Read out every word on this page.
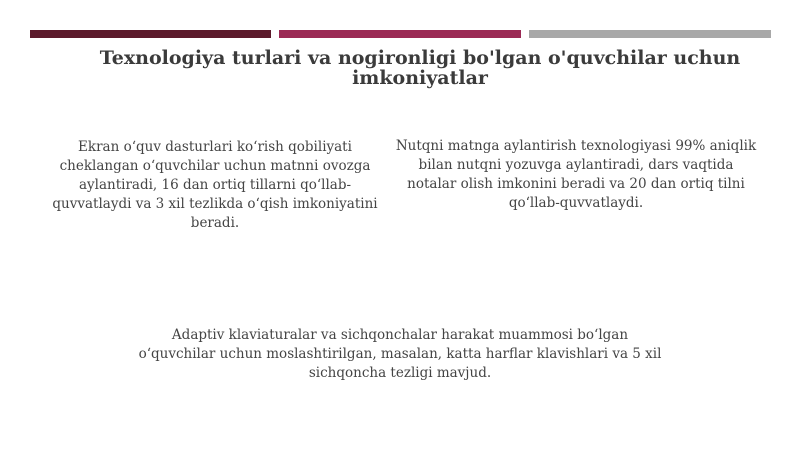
Texnologiya turlari va nogironligi bo'lgan o'quvchilar uchun imkoniyatlar

Ekran o‘quv dasturlari ko‘rish qobiliyati cheklangan o‘quvchilar uchun matnni ovozga aylantiradi, 16 dan ortiq tillarni qo‘llab-quvvatlaydi va 3 xil tezlikda o‘qish imkoniyatini beradi.

Nutqni matnga aylantirish texnologiyasi 99% aniqlik bilan nutqni yozuvga aylantiradi, dars vaqtida notalar olish imkonini beradi va 20 dan ortiq tilni qo‘llab-quvvatlaydi.

Adaptiv klaviaturalar va sichqonchalar harakat muammosi bo‘lgan o‘quvchilar uchun moslashtirilgan, masalan, katta harflar klavishlari va 5 xil sichqoncha tezligi mavjud.
